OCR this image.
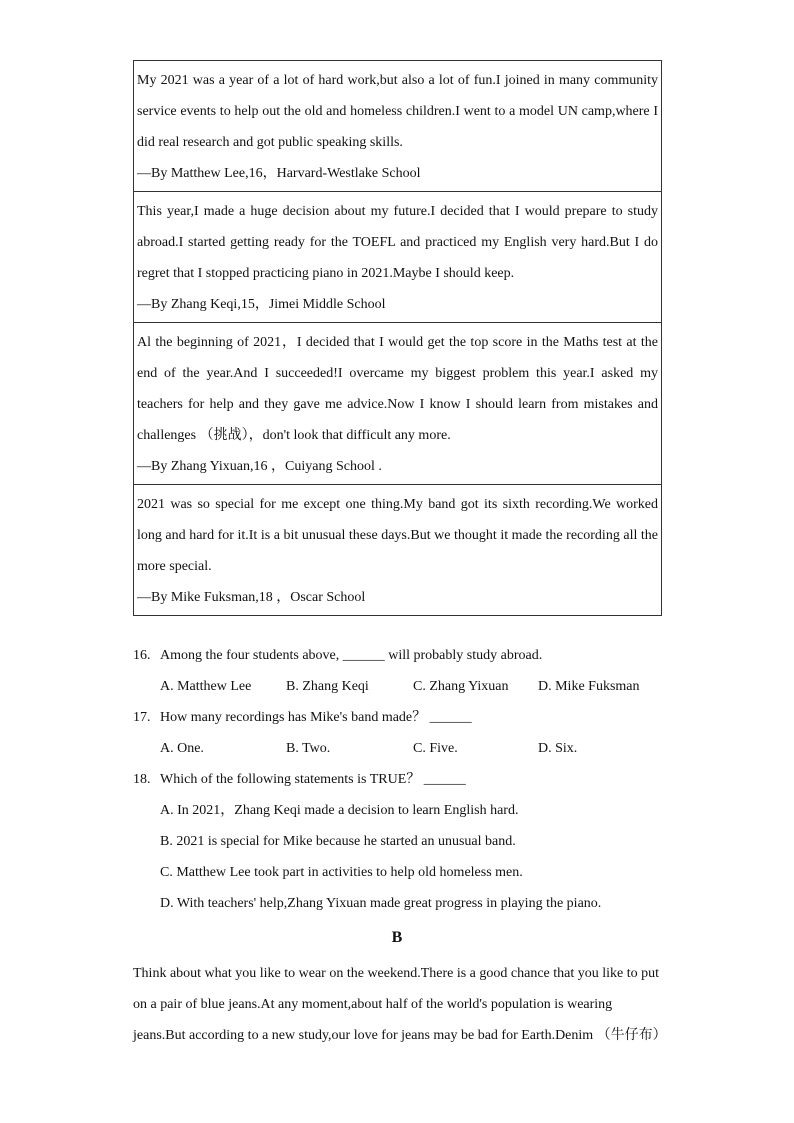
My 2021 was a year of a lot of hard work,but also a lot of fun.I joined in many community service events to help out the old and homeless children.I went to a model UN camp,where I did real research and got public speaking skills.
—By Matthew Lee,16，Harvard-Westlake School

This year,I made a huge decision about my future.I decided that I would prepare to study abroad.I started getting ready for the TOEFL and practiced my English very hard.But I do regret that I stopped practicing piano in 2021.Maybe I should keep.
—By Zhang Keqi,15，Jimei Middle School

Al the beginning of 2021，I decided that I would get the top score in the Maths test at the end of the year.And I succeeded!I overcame my biggest problem this year.I asked my teachers for help and they gave me advice.Now I know I should learn from mistakes and challenges （挑战），don't look that difficult any more.
—By Zhang Yixuan,16 ，Cuiyang School .

2021 was so special for me except one thing.My band got its sixth recording.We worked long and hard for it.It is a bit unusual these days.But we thought it made the recording all the more special.
—By Mike Fuksman,18 ，Oscar School
16. Among the four students above, ______ will probably study abroad.
A. Matthew Lee B. Zhang Keqi	C. Zhang Yixuan D. Mike Fuksman
17. How many recordings has Mike's band made？ ______
A. One.	B. Two.	C. Five.	D. Six.
18. Which of the following statements is TRUE？ ______
A. In 2021，Zhang Keqi made a decision to learn English hard.
B. 2021 is special for Mike because he started an unusual band.
C. Matthew Lee took part in activities to help old homeless men.
D. With teachers' help,Zhang Yixuan made great progress in playing the piano.
B
Think about what you like to wear on the weekend.There is a good chance that you like to put
on a pair of blue jeans.At any moment,about half of the world's population is wearing
jeans.But according to a new study,our love for jeans may be bad for Earth.Denim （牛仔布）
